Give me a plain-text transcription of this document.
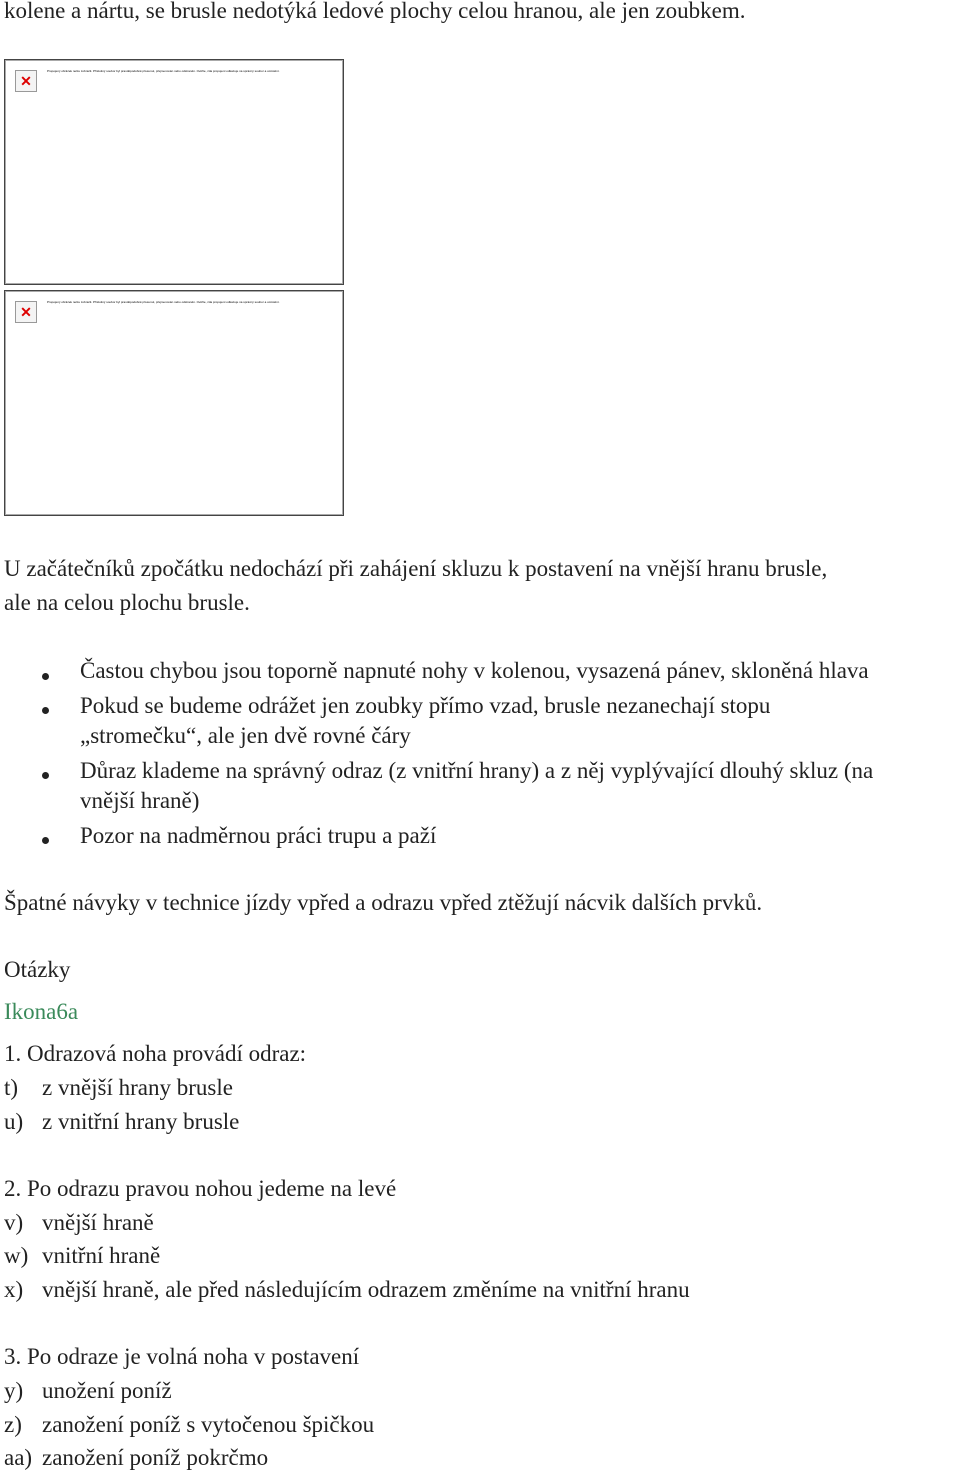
kolene a nártu, se brusle nedotýká ledové plochy celou hranou, ale jen zoubkem.
✕
Propojený obrázek nelze zobrazit. Příslušný soubor byl pravděpodobně přesunut, přejmenován nebo odstraněn. Ověřte, zda propojení odkazuje na správný soubor a umístění.
✕
Propojený obrázek nelze zobrazit. Příslušný soubor byl pravděpodobně přesunut, přejmenován nebo odstraněn. Ověřte, zda propojení odkazuje na správný soubor a umístění.
U začátečníků zpočátku nedochází při zahájení skluzu k postavení na vnější hranu brusle,
ale na celou plochu brusle.
Častou chybou jsou toporně napnuté nohy v kolenou, vysazená pánev, skloněná hlava
Pokud se budeme odrážet jen zoubky přímo vzad, brusle nezanechají stopu
„stromečku“, ale jen dvě rovné čáry
Důraz klademe na správný odraz (z vnitřní hrany) a z něj vyplývající dlouhý skluz (na
vnější hraně)
Pozor na nadměrnou práci trupu a paží
Špatné návyky v technice jízdy vpřed a odrazu vpřed ztěžují nácvik dalších prvků.
Otázky
Ikona6a
1. Odrazová noha provádí odraz:
t) z vnější hrany brusle
u) z vnitřní hrany brusle
2. Po odrazu pravou nohou jedeme na levé
v) vnější hraně
w) vnitřní hraně
x) vnější hraně, ale před následujícím odrazem změníme na vnitřní hranu
3. Po odraze je volná noha v postavení
y) unožení poníž
z) zanožení poníž s vytočenou špičkou
aa) zanožení poníž pokrčmo
